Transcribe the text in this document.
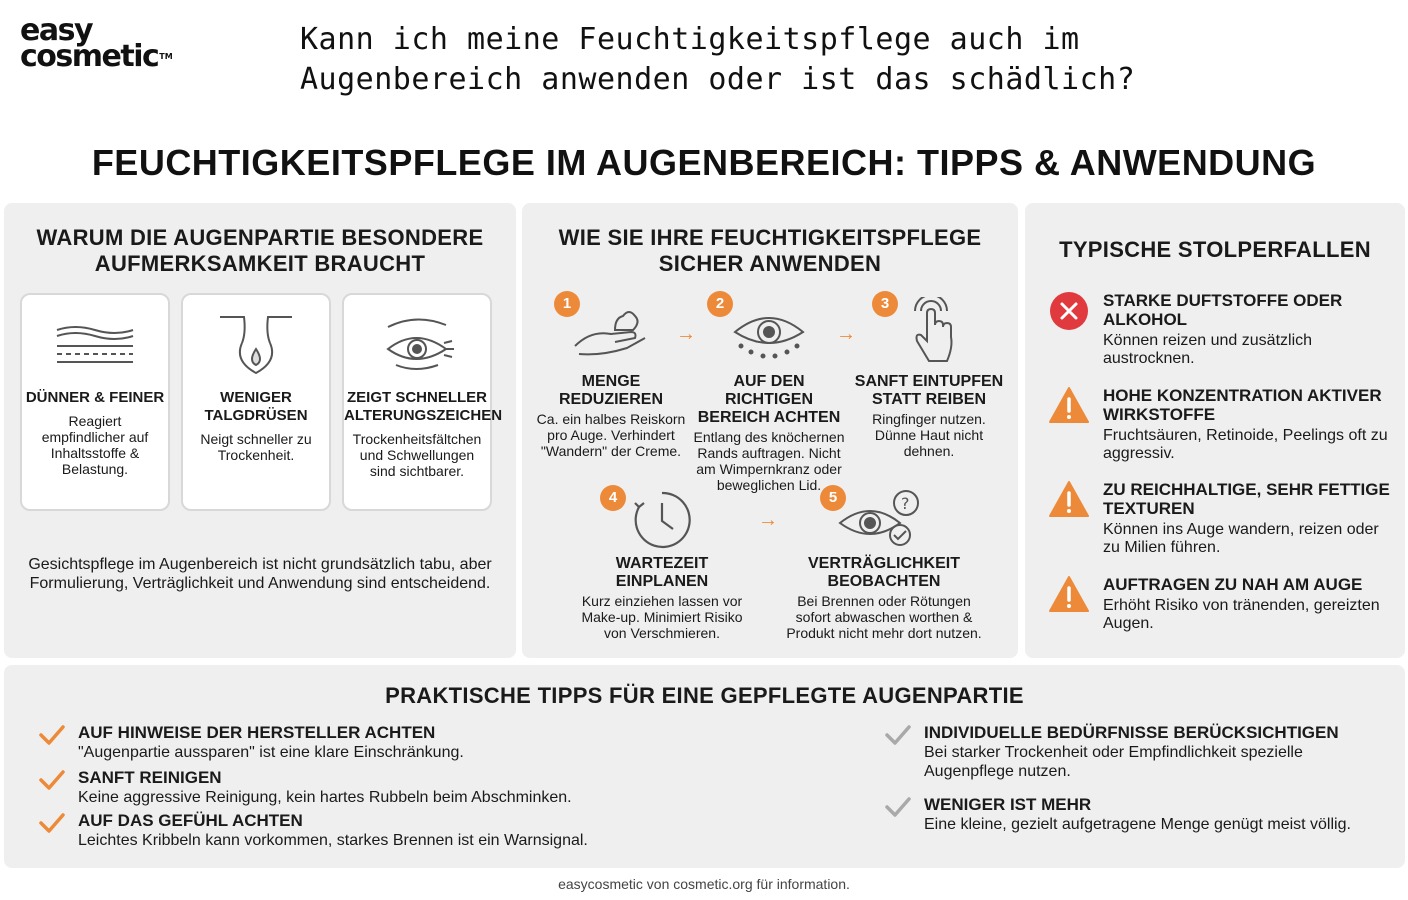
easy
cosmetic™	Kann ich meine Feuchtigkeitspflege auch im Augenbereich anwenden oder ist das schädlich?
FEUCHTIGKEITSPFLEGE IM AUGENBEREICH: TIPPS & ANWENDUNG
WARUM DIE AUGENPARTIE BESONDERE AUFMERKSAMKEIT BRAUCHT
DÜNNER & FEINER
Reagiert empfindlicher auf Inhaltsstoffe & Belastung.
WENIGER TALGDRÜSEN
Neigt schneller zu Trockenheit.
ZEIGT SCHNELLER ALTERUNGSZEICHEN
Trockenheitsfältchen und Schwellungen sind sichtbarer.
Gesichtspflege im Augenbereich ist nicht grundsätzlich tabu, aber Formulierung, Verträglichkeit und Anwendung sind entscheidend.
WIE SIE IHRE FEUCHTIGKEITSPFLEGE SICHER ANWENDEN
1
MENGE REDUZIEREN
Ca. ein halbes Reiskorn pro Auge. Verhindert "Wandern" der Creme.
→
2
AUF DEN RICHTIGEN BEREICH ACHTEN
Entlang des knöchernen Rands auftragen. Nicht am Wimpernkranz oder beweglichen Lid.
→
3
SANFT EINTUPFEN STATT REIBEN
Ringfinger nutzen. Dünne Haut nicht dehnen.
4
WARTEZEIT EINPLANEN
Kurz einziehen lassen vor Make-up. Minimiert Risiko von Verschmieren.
→
5	?
VERTRÄGLICHKEIT BEOBACHTEN
Bei Brennen oder Rötungen sofort abwaschen worthen & Produkt nicht mehr dort nutzen.
TYPISCHE STOLPERFALLEN
STARKE DUFTSTOFFE ODER ALKOHOL
Können reizen und zusätzlich austrocknen.
HOHE KONZENTRATION AKTIVER WIRKSTOFFE
Fruchtsäuren, Retinoide, Peelings oft zu aggressiv.
ZU REICHHALTIGE, SEHR FETTIGE TEXTUREN
Können ins Auge wandern, reizen oder zu Milien führen.
AUFTRAGEN ZU NAH AM AUGE
Erhöht Risiko von tränenden, gereizten Augen.
PRAKTISCHE TIPPS FÜR EINE GEPFLEGTE AUGENPARTIE
AUF HINWEISE DER HERSTELLER ACHTEN
"Augenpartie aussparen" ist eine klare Einschränkung.
SANFT REINIGEN
Keine aggressive Reinigung, kein hartes Rubbeln beim Abschminken.
AUF DAS GEFÜHL ACHTEN
Leichtes Kribbeln kann vorkommen, starkes Brennen ist ein Warnsignal.
INDIVIDUELLE BEDÜRFNISSE BERÜCKSICHTIGEN
Bei starker Trockenheit oder Empfindlichkeit spezielle Augenpflege nutzen.
WENIGER IST MEHR
Eine kleine, gezielt aufgetragene Menge genügt meist völlig.
easycosmetic von cosmetic.org für information.
